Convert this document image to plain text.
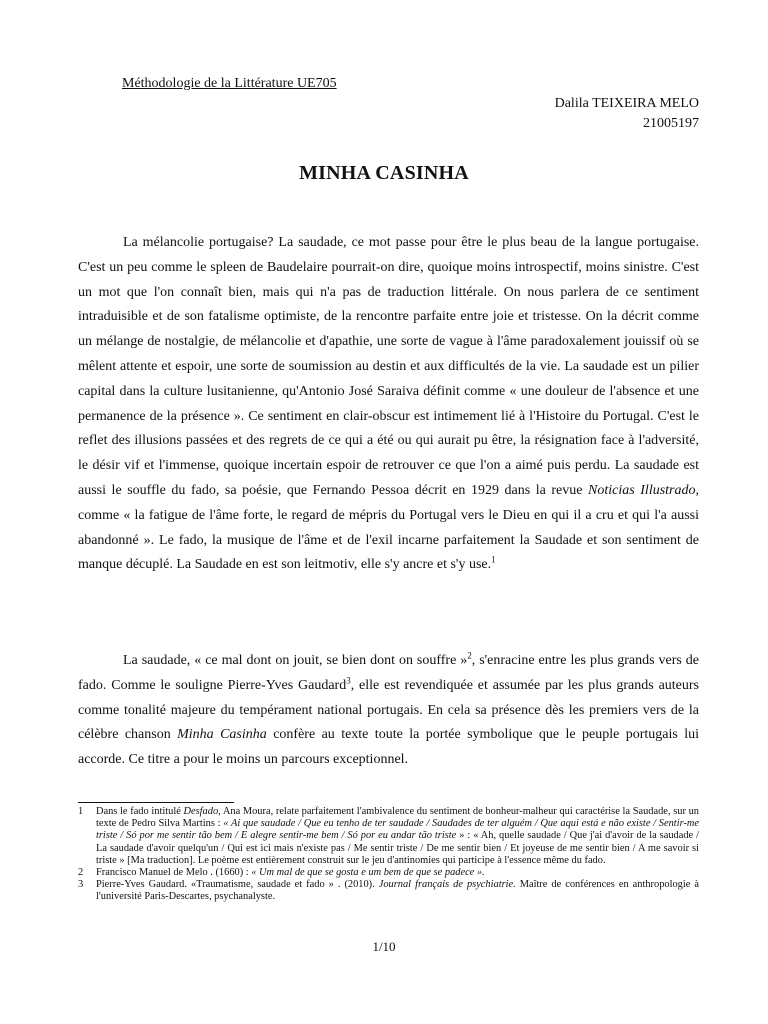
Méthodologie de la Littérature UE705
Dalila TEIXEIRA MELO
21005197
MINHA CASINHA

La mélancolie portugaise? La saudade, ce mot passe pour être le plus beau de la langue portugaise. C'est un peu comme le spleen de Baudelaire pourrait-on dire, quoique moins introspectif, moins sinistre. C'est un mot que l'on connaît bien, mais qui n'a pas de traduction littérale. On nous parlera de ce sentiment intraduisible et de son fatalisme optimiste, de la rencontre parfaite entre joie et tristesse. On la décrit comme un mélange de nostalgie, de mélancolie et d'apathie, une sorte de vague à l'âme paradoxalement jouissif où se mêlent attente et espoir, une sorte de soumission au destin et aux difficultés de la vie. La saudade est un pilier capital dans la culture lusitanienne, qu'Antonio José Saraiva définit comme « une douleur de l'absence et une permanence de la présence ». Ce sentiment en clair-obscur est intimement lié à l'Histoire du Portugal. C'est le reflet des illusions passées et des regrets de ce qui a été ou qui aurait pu être, la résignation face à l'adversité, le désir vif et l'immense, quoique incertain espoir de retrouver ce que l'on a aimé puis perdu. La saudade est aussi le souffle du fado, sa poésie, que Fernando Pessoa décrit en 1929 dans la revue Noticias Illustrado, comme « la fatigue de l'âme forte, le regard de mépris du Portugal vers le Dieu en qui il a cru et qui l'a aussi abandonné ». Le fado, la musique de l'âme et de l'exil incarne parfaitement la Saudade et son sentiment de manque décuplé. La Saudade en est son leitmotiv, elle s'y ancre et s'y use.$^1$

La saudade, « ce mal dont on jouit, se bien dont on souffre »$^2$, s'enracine entre les plus grands vers de fado. Comme le souligne Pierre-Yves Gaudard$^3$, elle est revendiquée et assumée par les plus grands auteurs comme tonalité majeure du tempérament national portugais. En cela sa présence dès les premiers vers de la célèbre chanson Minha Casinha confère au texte toute la portée symbolique que le peuple portugais lui accorde. Ce titre a pour le moins un parcours exceptionnel.

1	Dans le fado intitulé Desfado, Ana Moura, relate parfaitement l'ambivalence du sentiment de bonheur-malheur qui caractérise la Saudade, sur un texte de Pedro Silva Martins : « Ai que saudade / Que eu tenho de ter saudade / Saudades de ter alguém / Que aqui está e não existe / Sentir-me triste / Só por me sentir tão bem / E alegre sentir-me bem / Só por eu andar tão triste » : « Ah, quelle saudade / Que j'ai d'avoir de la saudade / La saudade d'avoir quelqu'un / Qui est ici mais n'existe pas / Me sentir triste / De me sentir bien / Et joyeuse de me sentir bien / A me savoir si triste » [Ma traduction]. Le poème est entièrement construit sur le jeu d'antinomies qui participe à l'essence même du fado.
2	Francisco Manuel de Melo . (1660) : « Um mal de que se gosta e um bem de que se padece ».
3	Pierre-Yves Gaudard. «Traumatisme, saudade et fado » . (2010). Journal français de psychiatrie. Maître de conférences en anthropologie à l'université Paris-Descartes, psychanalyste.
1/10
